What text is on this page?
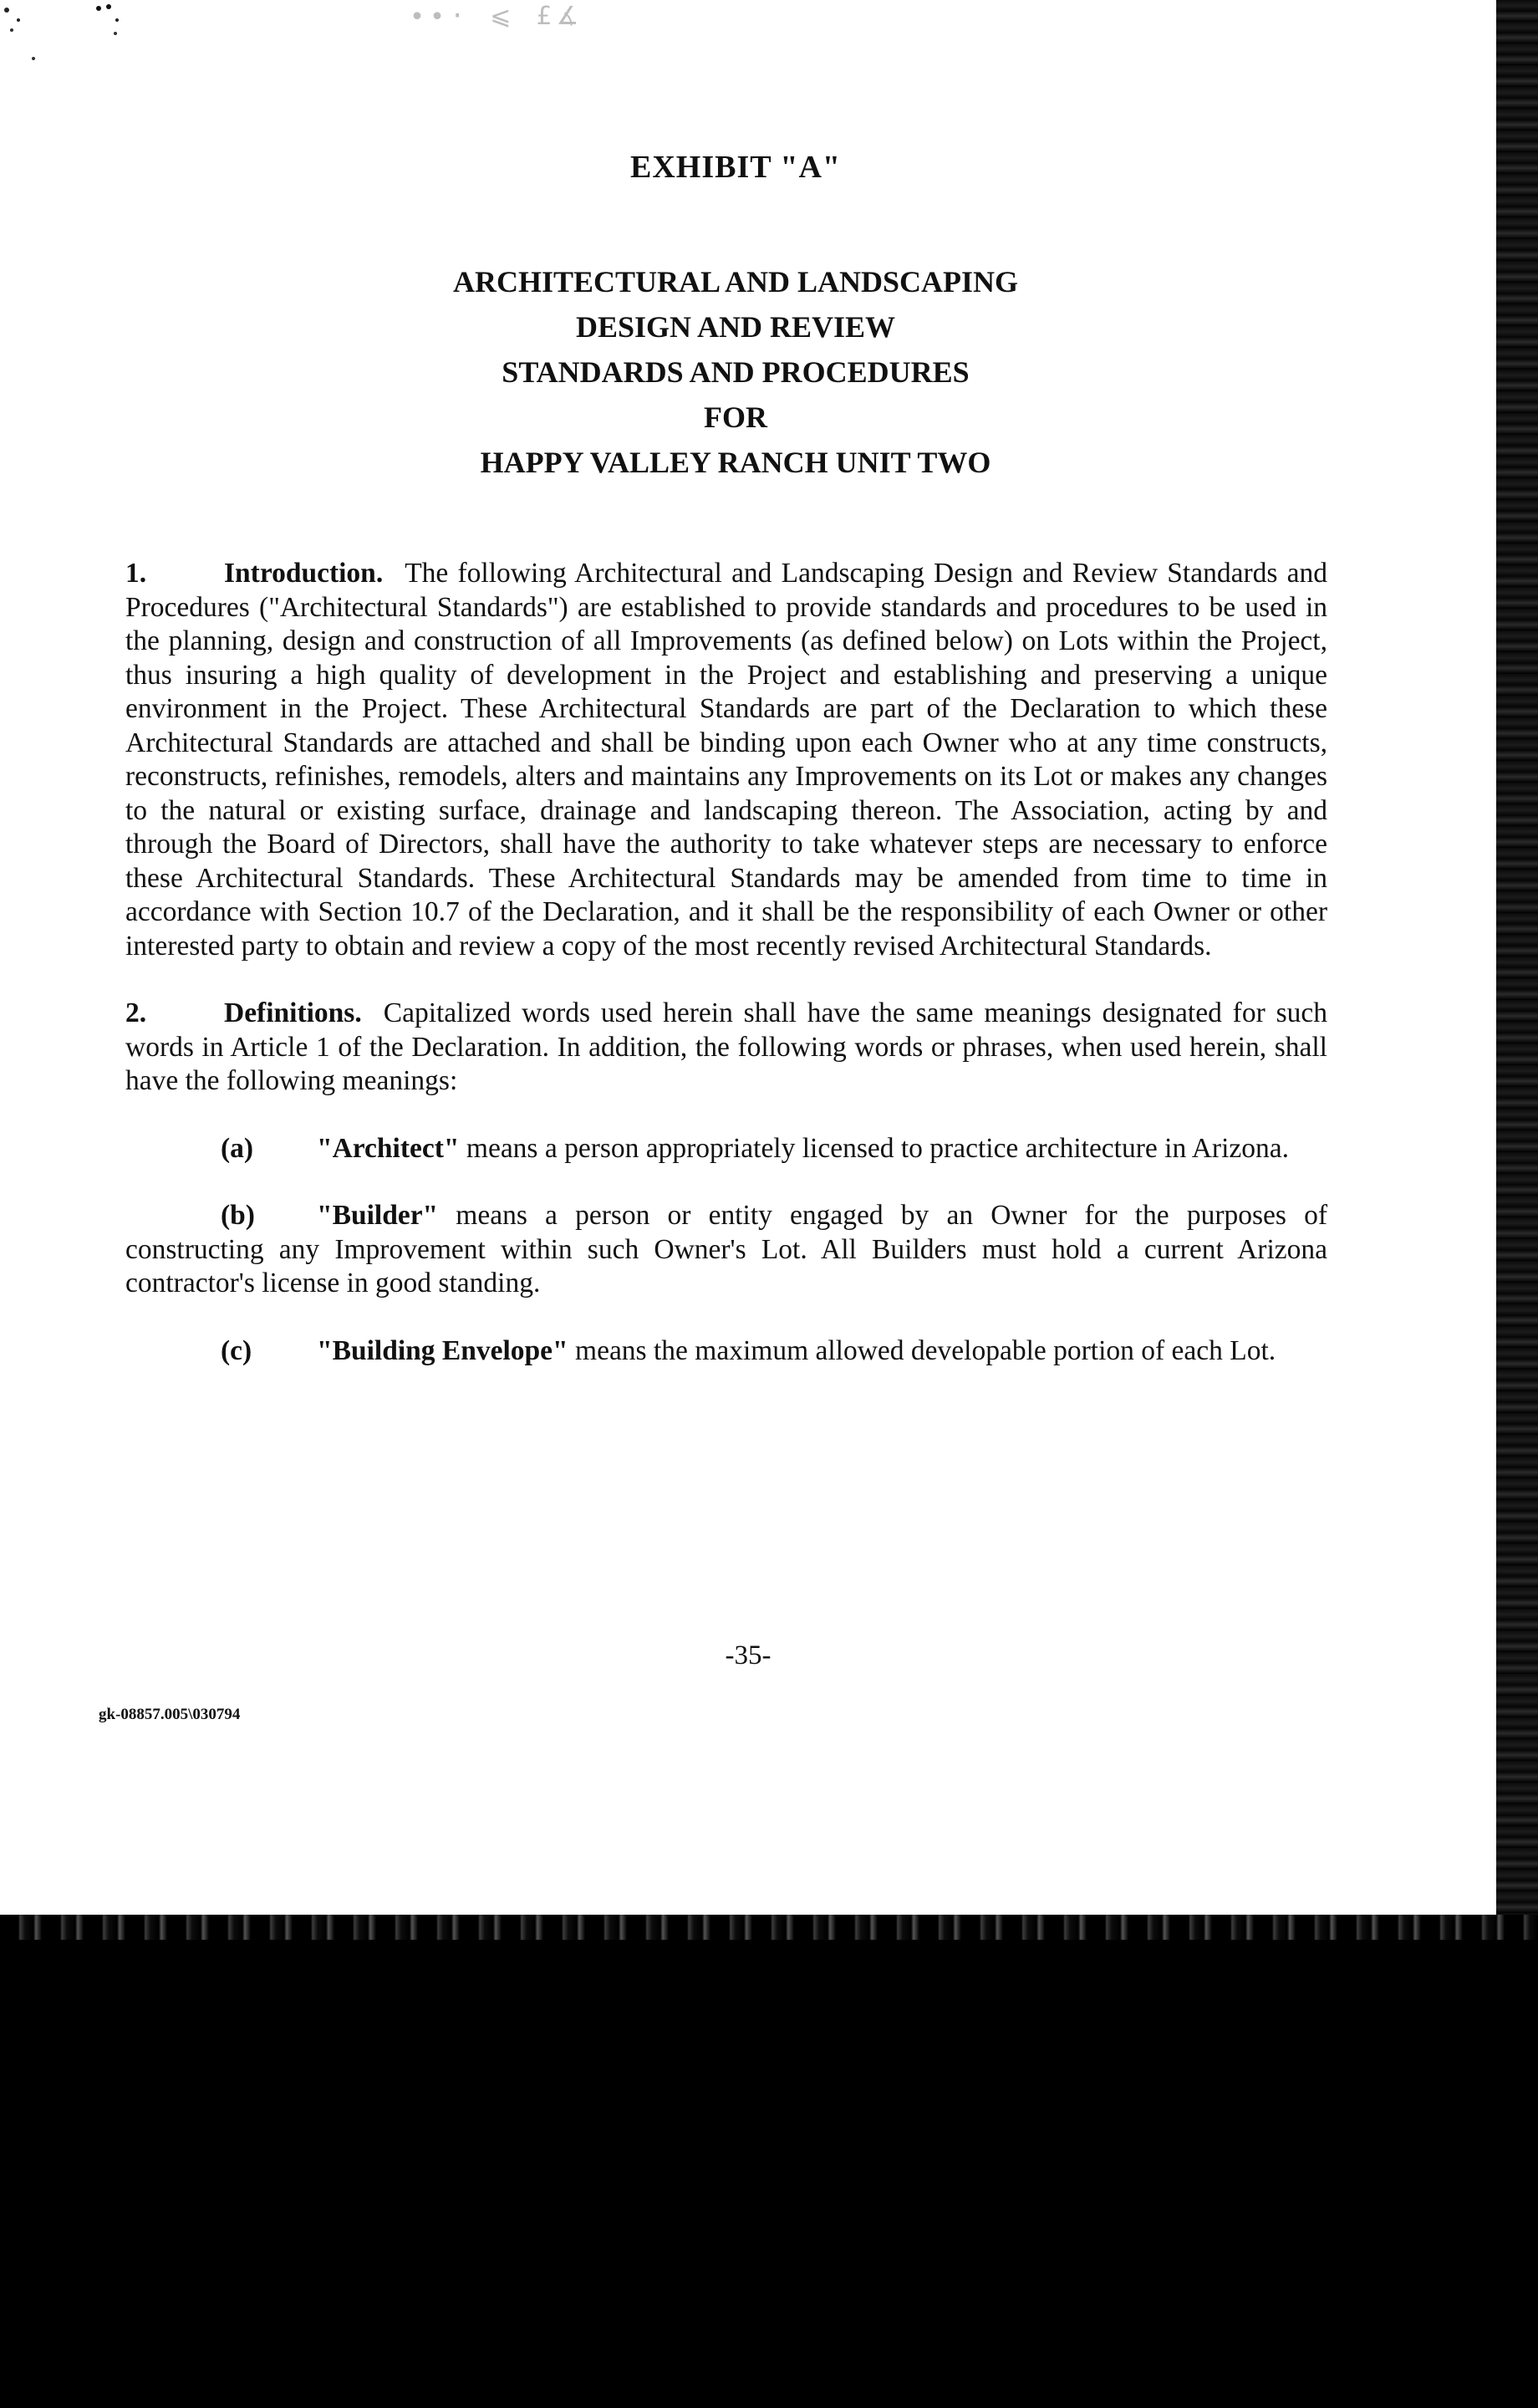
∙∙· ⩽ £∡

EXHIBIT "A"

ARCHITECTURAL AND LANDSCAPING

DESIGN AND REVIEW

STANDARDS AND PROCEDURES

FOR

HAPPY VALLEY RANCH UNIT TWO

1.	Introduction. The following Architectural and Landscaping Design and Review Standards and Procedures ("Architectural Standards") are established to provide standards and procedures to be used in the planning, design and construction of all Improvements (as defined below) on Lots within the Project, thus insuring a high quality of development in the Project and establishing and preserving a unique environment in the Project. These Architectural Standards are part of the Declaration to which these Architectural Standards are attached and shall be binding upon each Owner who at any time constructs, reconstructs, refinishes, remodels, alters and maintains any Improvements on its Lot or makes any changes to the natural or existing surface, drainage and landscaping thereon. The Association, acting by and through the Board of Directors, shall have the authority to take whatever steps are necessary to enforce these Architectural Standards. These Architectural Standards may be amended from time to time in accordance with Section 10.7 of the Declaration, and it shall be the responsibility of each Owner or other interested party to obtain and review a copy of the most recently revised Architectural Standards.

2.	Definitions. Capitalized words used herein shall have the same meanings designated for such words in Article 1 of the Declaration. In addition, the following words or phrases, when used herein, shall have the following meanings:

(a) "Architect" means a person appropriately licensed to practice architecture in Arizona.

(b) "Builder" means a person or entity engaged by an Owner for the purposes of constructing any Improvement within such Owner's Lot. All Builders must hold a current Arizona contractor's license in good standing.

(c) "Building Envelope" means the maximum allowed developable portion of each Lot.

-35-
gk-08857.005\030794
